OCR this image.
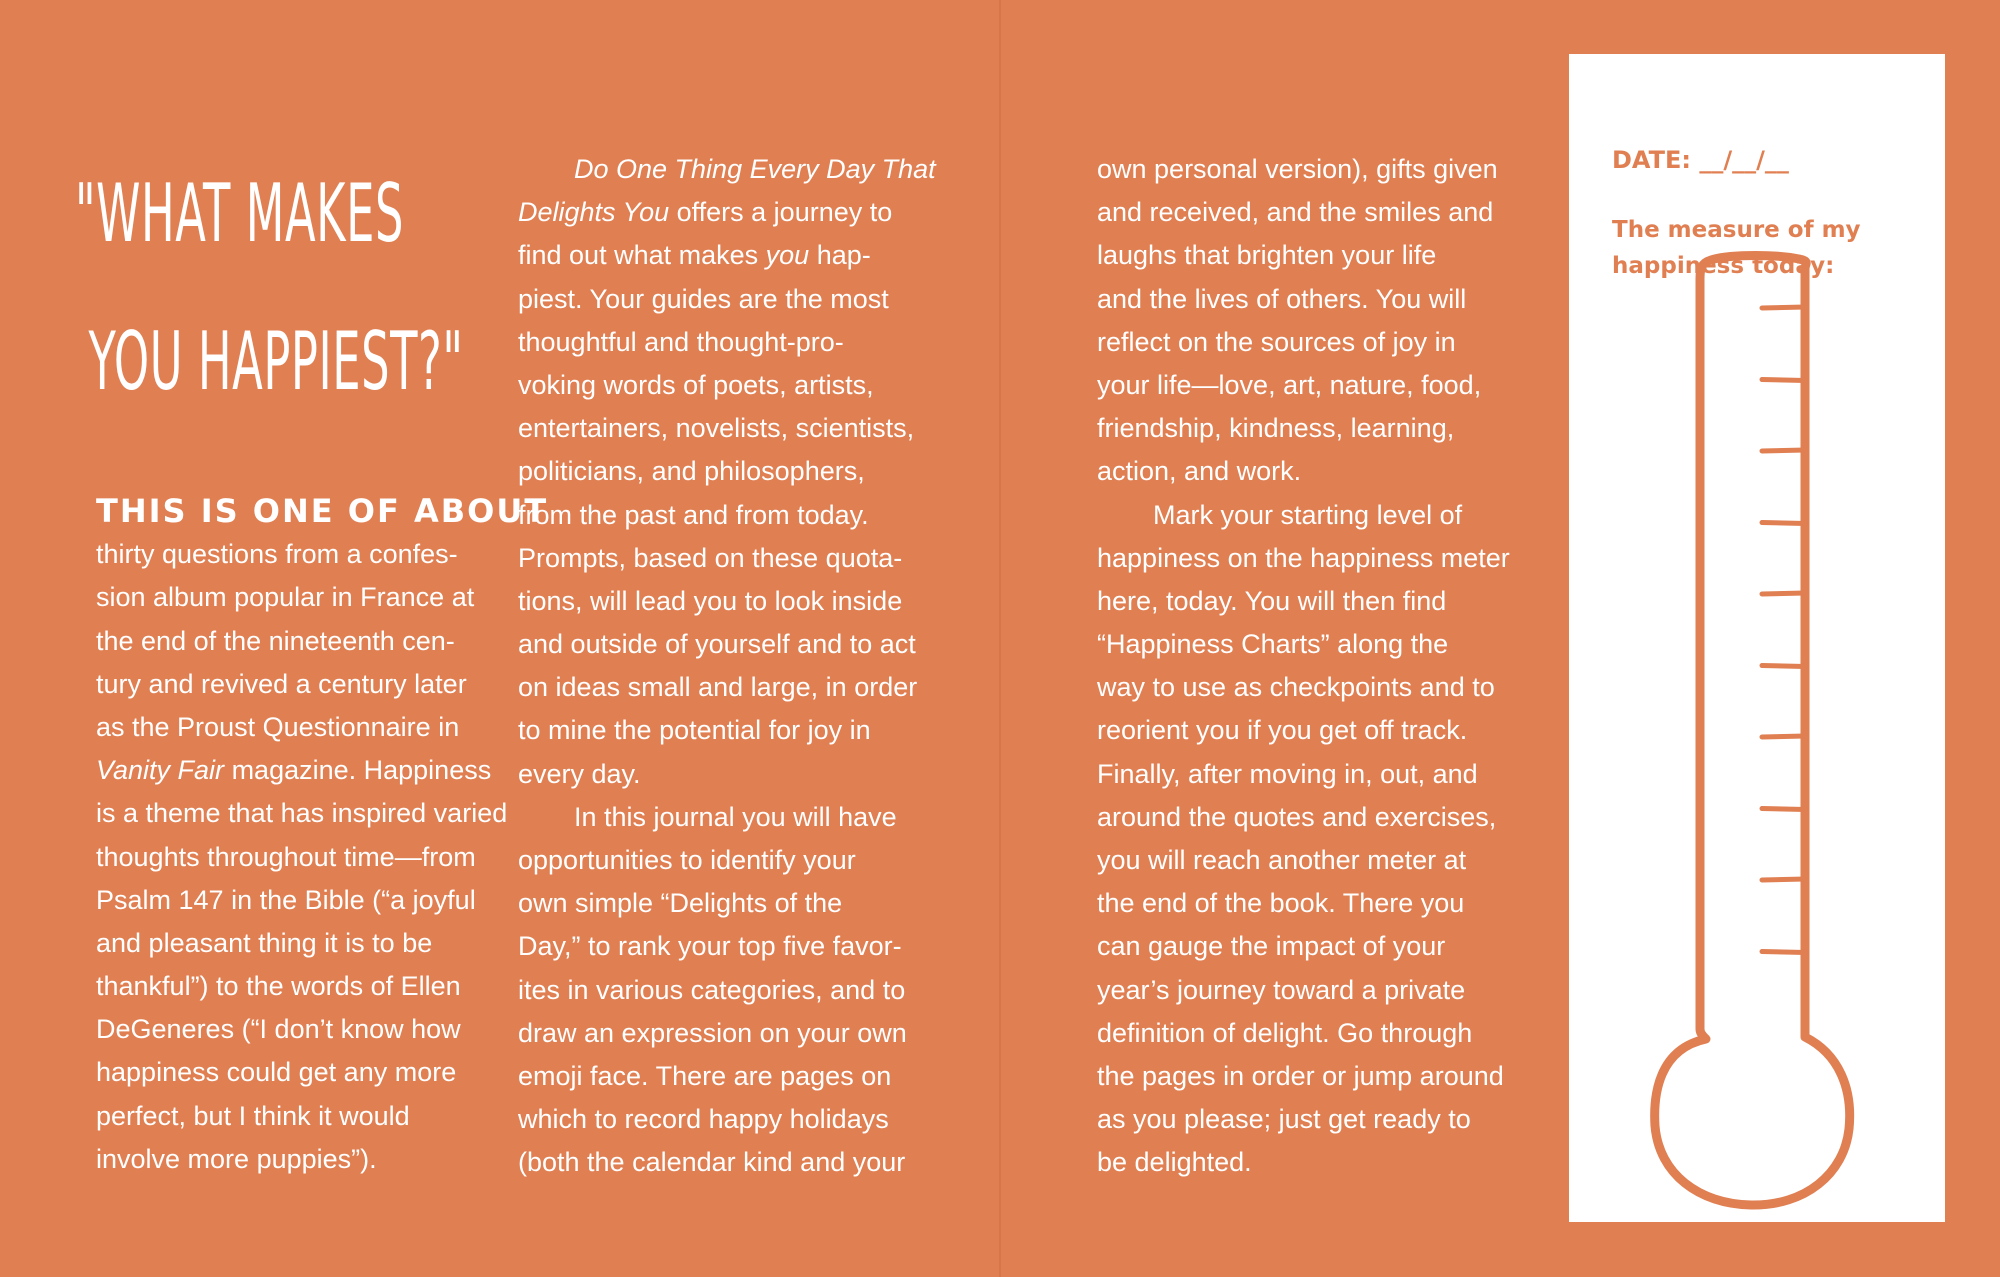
"WHAT MAKES
YOU HAPPIEST?"
THIS IS ONE OF ABOUT
thirty questions from a confes-
sion album popular in France at
the end of the nineteenth cen-
tury and revived a century later
as the Proust Questionnaire in
Vanity Fair magazine. Happiness
is a theme that has inspired varied
thoughts throughout time—from
Psalm 147 in the Bible (“a joyful
and pleasant thing it is to be
thankful”) to the words of Ellen
DeGeneres (“I don’t know how
happiness could get any more
perfect, but I think it would
involve more puppies”).
Do One Thing Every Day That
Delights You offers a journey to
find out what makes you hap-
piest. Your guides are the most
thoughtful and thought-pro-
voking words of poets, artists,
entertainers, novelists, scientists,
politicians, and philosophers,
from the past and from today.
Prompts, based on these quota-
tions, will lead you to look inside
and outside of yourself and to act
on ideas small and large, in order
to mine the potential for joy in
every day.
In this journal you will have
opportunities to identify your
own simple “Delights of the
Day,” to rank your top five favor-
ites in various categories, and to
draw an expression on your own
emoji face. There are pages on
which to record happy holidays
(both the calendar kind and your
own personal version), gifts given
and received, and the smiles and
laughs that brighten your life
and the lives of others. You will
reflect on the sources of joy in
your life—love, art, nature, food,
friendship, kindness, learning,
action, and work.
Mark your starting level of
happiness on the happiness meter
here, today. You will then find
“Happiness Charts” along the
way to use as checkpoints and to
reorient you if you get off track.
Finally, after moving in, out, and
around the quotes and exercises,
you will reach another meter at
the end of the book. There you
can gauge the impact of your
year’s journey toward a private
definition of delight. Go through
the pages in order or jump around
as you please; just get ready to
be delighted.
DATE: __/__/__
The measure of my happiness today:
